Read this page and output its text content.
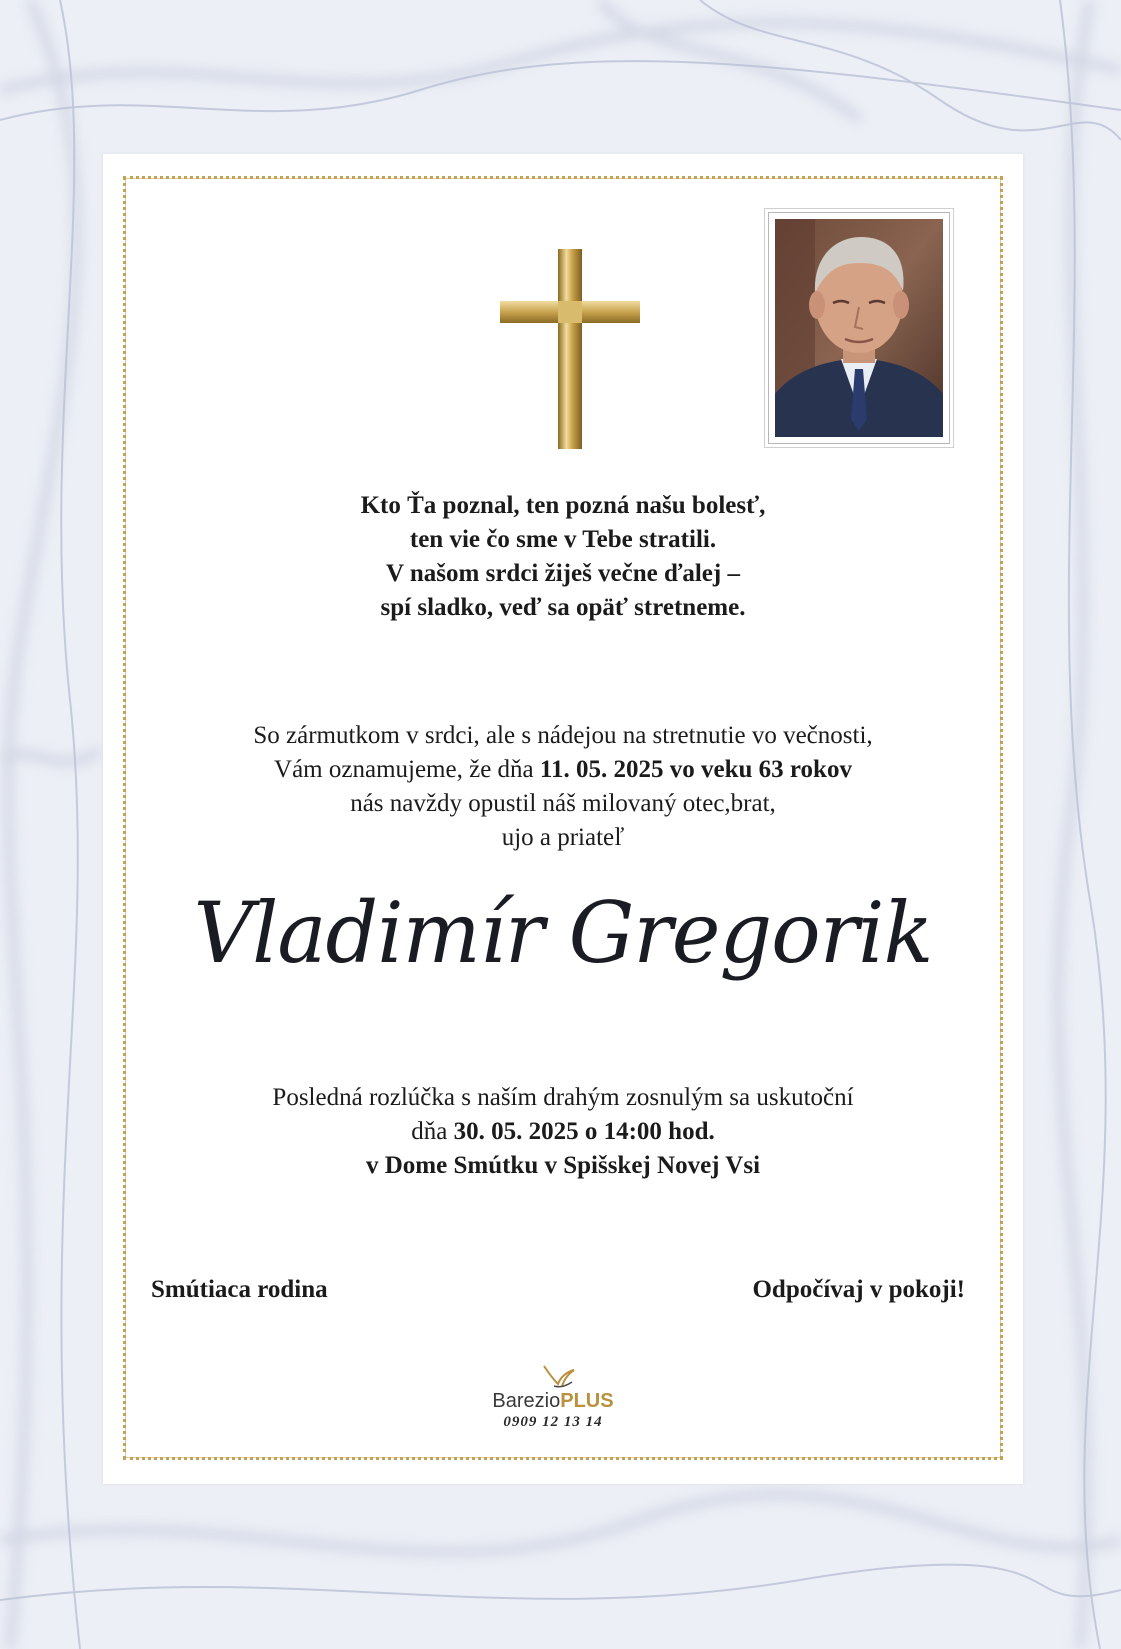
Kto Ťa poznal, ten pozná našu bolesť,
ten vie čo sme v Tebe stratili.
V našom srdci žiješ večne ďalej –
spí sladko, veď sa opäť stretneme.
So zármutkom v srdci, ale s nádejou na stretnutie vo večnosti,
Vám oznamujeme, že dňa 11. 05. 2025 vo veku 63 rokov
nás navždy opustil náš milovaný otec,brat,
ujo a priateľ
Vladimír Gregorik
Posledná rozlúčka s naším drahým zosnulým sa uskutoční
dňa 30. 05. 2025 o 14:00 hod.
v Dome Smútku v Spišskej Novej Vsi
Smútiaca rodina	Odpočívaj v pokoji!
BarezioPLUS
0909 12 13 14
